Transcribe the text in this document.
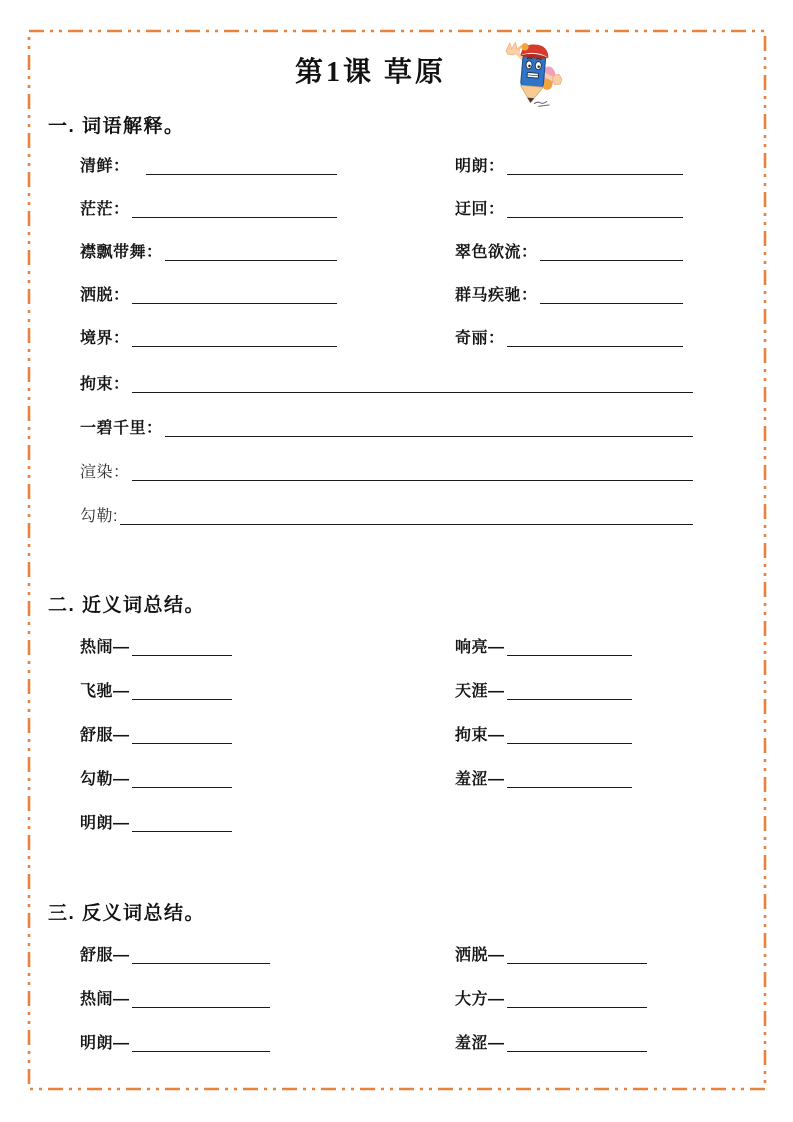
第1课 草原
一. 词语解释。
清鲜：	明朗：
茫茫：	迂回：
襟飘带舞：	翠色欲流：
洒脱：	群马疾驰：
境界：	奇丽：
拘束：
一碧千里：
渲染：
勾勒:
二. 近义词总结。
热闹—	响亮—
飞驰—	天涯—
舒服—	拘束—
勾勒—	羞涩—
明朗—
三. 反义词总结。
舒服—	洒脱—
热闹—	大方—
明朗—	羞涩—
